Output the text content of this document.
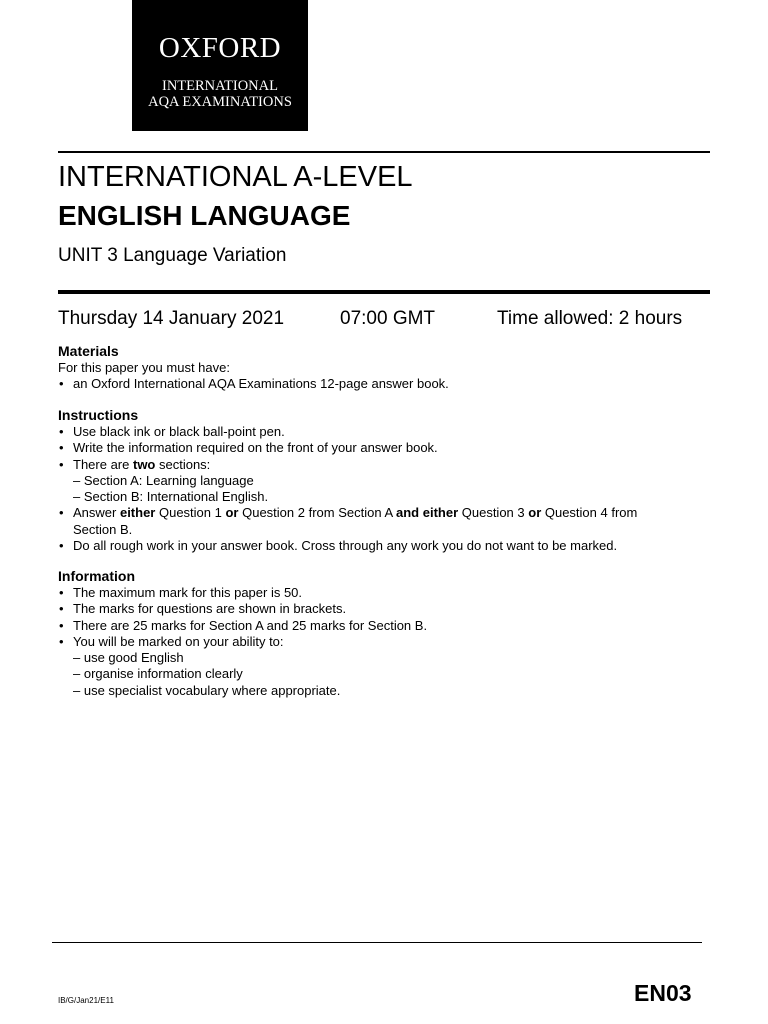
OXFORD
INTERNATIONAL
AQA EXAMINATIONS
INTERNATIONAL A-LEVEL
ENGLISH LANGUAGE
UNIT 3 Language Variation
Thursday 14 January 2021	07:00 GMT	Time allowed: 2 hours
Materials
For this paper you must have:
• an Oxford International AQA Examinations 12-page answer book.
Instructions
• Use black ink or black ball-point pen.
• Write the information required on the front of your answer book.
• There are two sections:
– Section A: Learning language
– Section B: International English.
• Answer either Question 1 or Question 2 from Section A and either Question 3 or Question 4 from
Section B.
• Do all rough work in your answer book. Cross through any work you do not want to be marked.
Information
• The maximum mark for this paper is 50.
• The marks for questions are shown in brackets.
• There are 25 marks for Section A and 25 marks for Section B.
• You will be marked on your ability to:
– use good English
– organise information clearly
– use specialist vocabulary where appropriate.
IB/G/Jan21/E11	EN03
